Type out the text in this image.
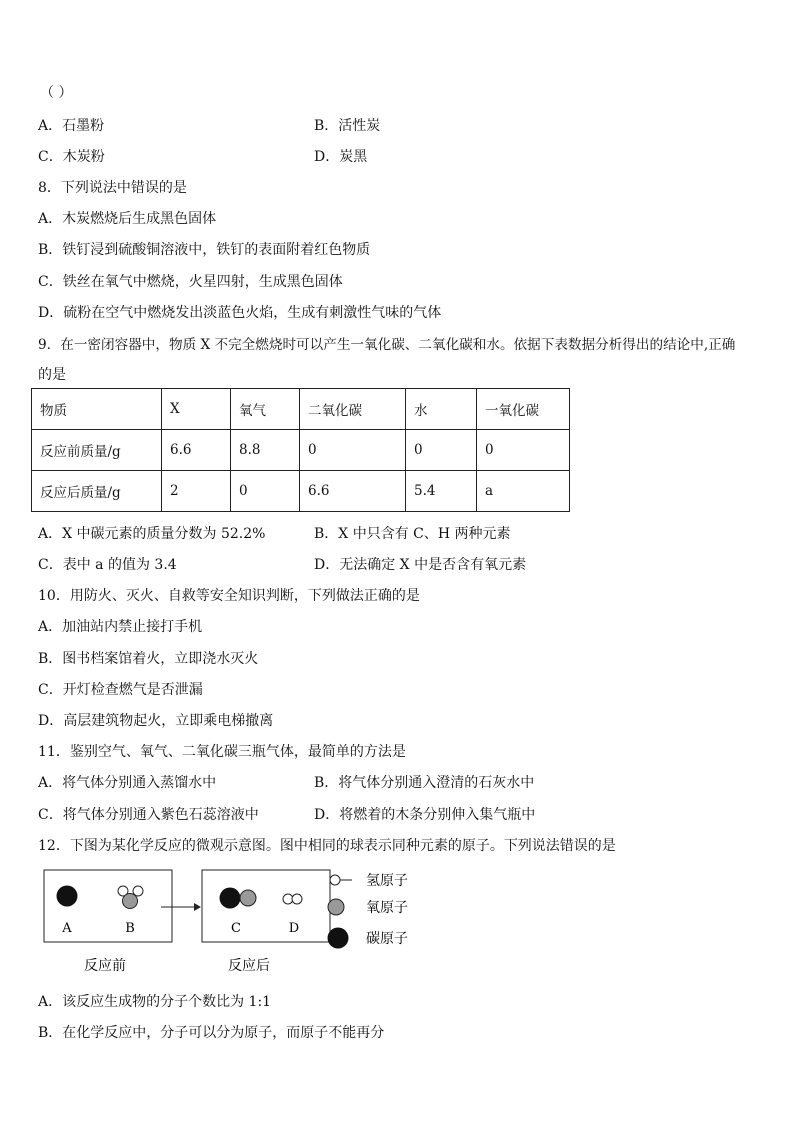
（ ）
A．石墨粉	B．活性炭
C．木炭粉	D．炭黑
8．下列说法中错误的是
A．木炭燃烧后生成黑色固体
B．铁钉浸到硫酸铜溶液中，铁钉的表面附着红色物质
C．铁丝在氧气中燃烧，火星四射，生成黑色固体
D．硫粉在空气中燃烧发出淡蓝色火焰，生成有刺激性气味的气体
9．在一密闭容器中，物质 X 不完全燃烧时可以产生一氧化碳、二氧化碳和水。依据下表数据分析得出的结论中,正确
的是
物质	X	氧气	二氧化碳	水	一氧化碳
反应前质量/g	6.6	8.8	0	0	0
反应后质量/g	2	0	6.6	5.4	a
A．X 中碳元素的质量分数为 52.2%	B．X 中只含有 C、H 两种元素
C．表中 a 的值为 3.4	D．无法确定 X 中是否含有氧元素
10．用防火、灭火、自救等安全知识判断，下列做法正确的是
A．加油站内禁止接打手机
B．图书档案馆着火，立即浇水灭火
C．开灯检查燃气是否泄漏
D．高层建筑物起火，立即乘电梯撤离
11．鉴别空气、氧气、二氧化碳三瓶气体，最简单的方法是
A．将气体分别通入蒸馏水中	B．将气体分别通入澄清的石灰水中
C．将气体分别通入紫色石蕊溶液中	D．将燃着的木条分别伸入集气瓶中
12．下图为某化学反应的微观示意图。图中相同的球表示同种元素的原子。下列说法错误的是
A	B	C	D
反应前	反应后
氢原子
氧原子
碳原子
A．该反应生成物的分子个数比为 1:1
B．在化学反应中，分子可以分为原子，而原子不能再分
